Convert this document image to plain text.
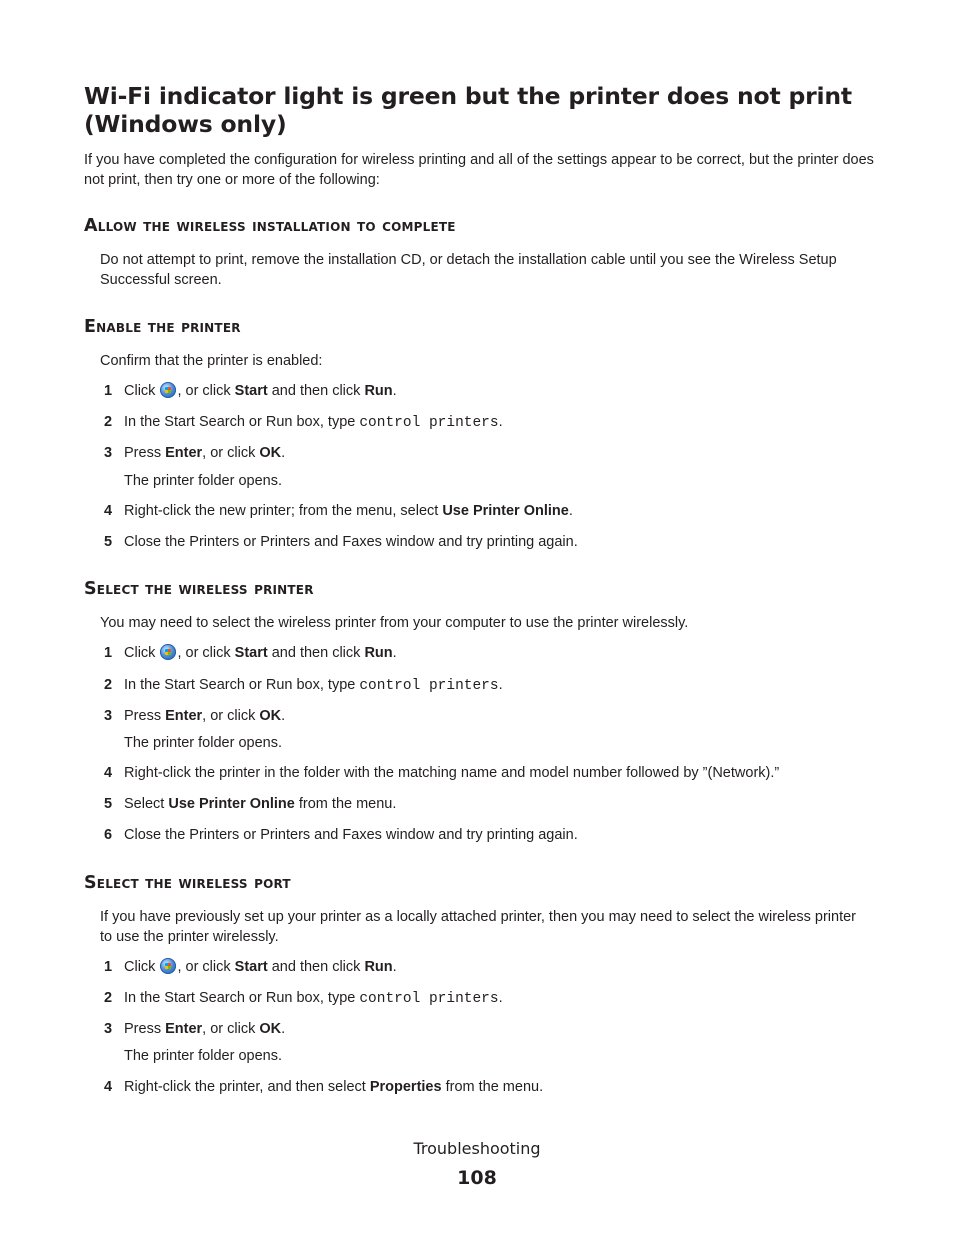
Wi-Fi indicator light is green but the printer does not print (Windows only)

If you have completed the configuration for wireless printing and all of the settings appear to be correct, but the printer does not print, then try one or more of the following:

Allow the wireless installation to complete

Do not attempt to print, remove the installation CD, or detach the installation cable until you see the Wireless Setup Successful screen.

Enable the printer

Confirm that the printer is enabled:

1 Click , or click Start and then click Run.
2 In the Start Search or Run box, type control printers.
3 Press Enter, or click OK.
The printer folder opens.
4 Right-click the new printer; from the menu, select Use Printer Online.
5 Close the Printers or Printers and Faxes window and try printing again.
Select the wireless printer

You may need to select the wireless printer from your computer to use the printer wirelessly.

1 Click , or click Start and then click Run.
2 In the Start Search or Run box, type control printers.
3 Press Enter, or click OK.
The printer folder opens.
4 Right-click the printer in the folder with the matching name and model number followed by ”(Network).”
5 Select Use Printer Online from the menu.
6 Close the Printers or Printers and Faxes window and try printing again.
Select the wireless port

If you have previously set up your printer as a locally attached printer, then you may need to select the wireless printer to use the printer wirelessly.

1 Click , or click Start and then click Run.
2 In the Start Search or Run box, type control printers.
3 Press Enter, or click OK.
The printer folder opens.
4 Right-click the printer, and then select Properties from the menu.
Troubleshooting
108
